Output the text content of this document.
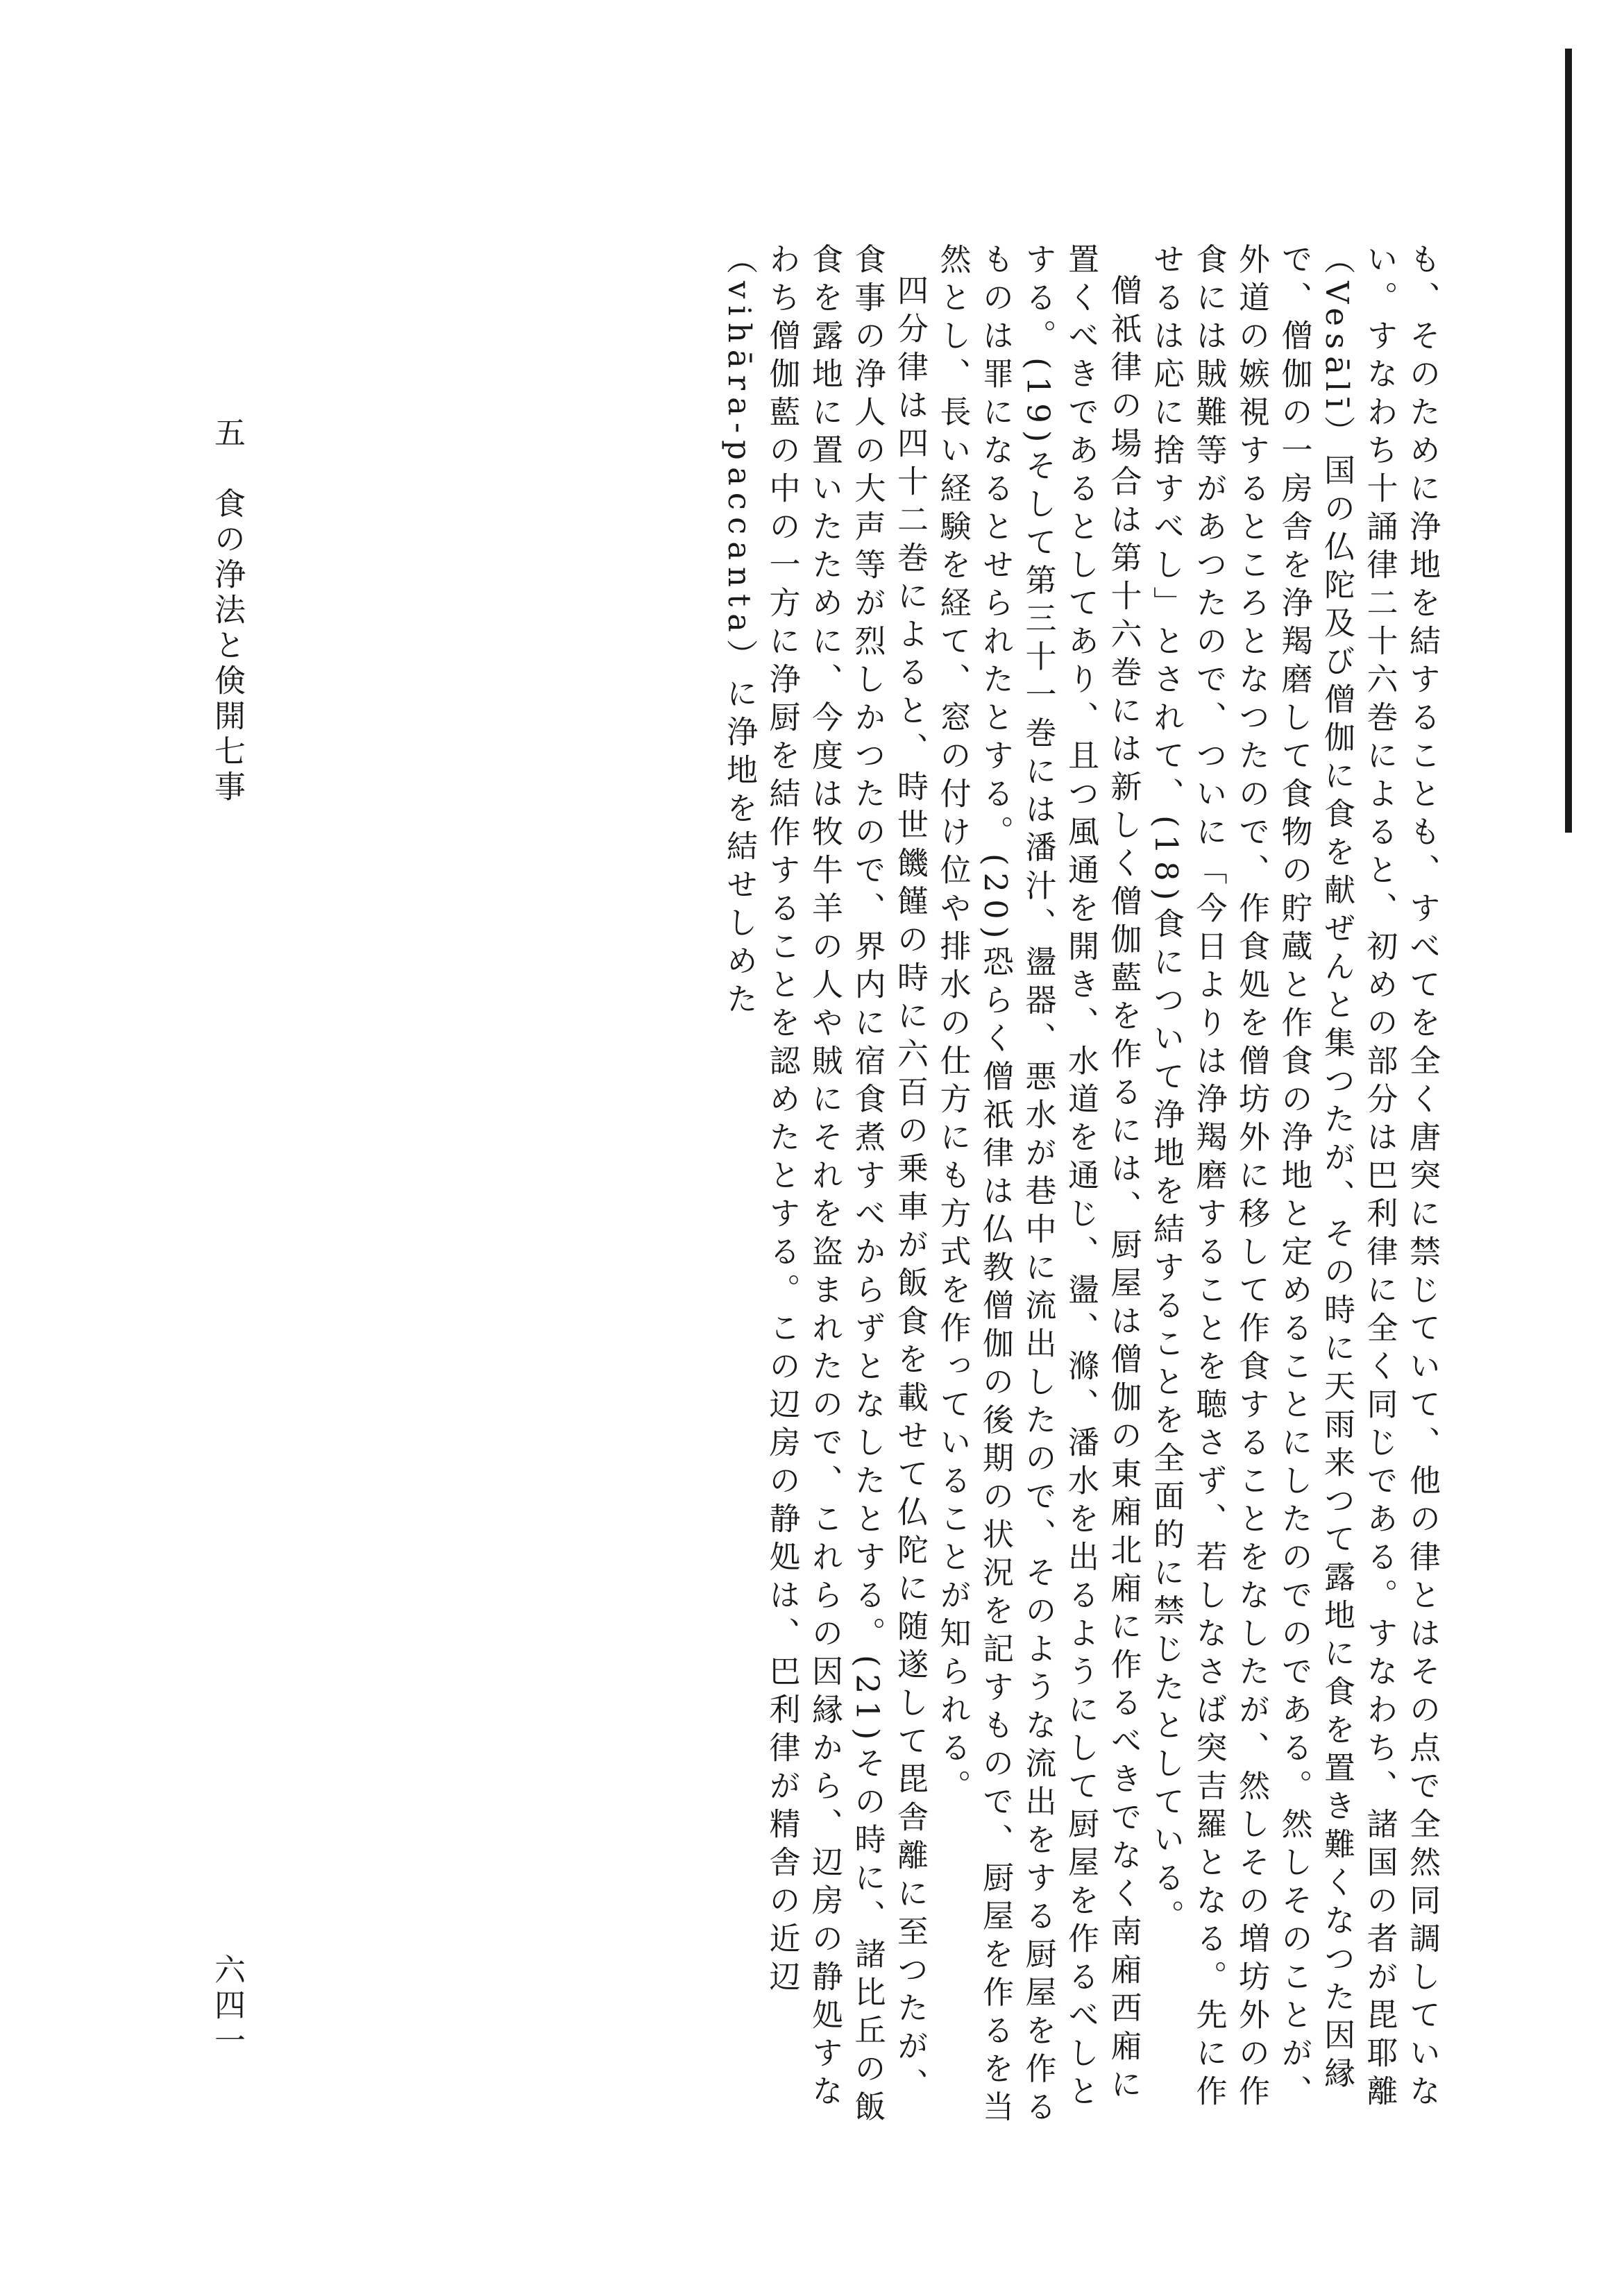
も、そのために浄地を結することも、すべてを全く唐突に禁じていて、他の律とはその点で全然同調していない。すなわち十誦律二十六巻によると、初めの部分は巴利律に全く同じである。すなわち、諸国の者が毘耶離（Vesālī）国の仏陀及び僧伽に食を献ぜんと集つたが、その時に天雨来つて露地に食を置き難くなつた因縁で、僧伽の一房舎を浄羯磨して食物の貯蔵と作食の浄地と定めることにしたのでのである。然しそのことが、外道の嫉視するところとなつたので、作食処を僧坊外に移して作食することをなしたが、然しその増坊外の作食には賊難等があつたので、ついに「今日よりは浄羯磨することを聴さず、若しなさば突吉羅となる。先に作せるは応に捨すべし」とされて、(18)食について浄地を結することを全面的に禁じたとしている。

僧祇律の場合は第十六巻には新しく僧伽藍を作るには、厨屋は僧伽の東廂北廂に作るべきでなく南廂西廂に置くべきであるとしてあり、且つ風通を開き、水道を通じ、盪、滌、潘水を出るようにして厨屋を作るべしとする。(19)そして第三十一巻には潘汁、盪器、悪水が巷中に流出したので、そのような流出をする厨屋を作るものは罪になるとせられたとする。(20)恐らく僧祇律は仏教僧伽の後期の状況を記すもので、厨屋を作るを当然とし、長い経験を経て、窓の付け位や排水の仕方にも方式を作っていることが知られる。

四分律は四十二巻によると、時世饑饉の時に六百の乗車が飯食を載せて仏陀に随遂して毘舎離に至つたが、食事の浄人の大声等が烈しかつたので、界内に宿食煮すべからずとなしたとする。(21)その時に、諸比丘の飯食を露地に置いたために、今度は牧牛羊の人や賊にそれを盗まれたので、これらの因縁から、辺房の静処すなわち僧伽藍の中の一方に浄厨を結作することを認めたとする。この辺房の静処は、巴利律が精舎の近辺（vihāra-paccanta）に浄地を結せしめた

五　食の浄法と倹開七事
六四一
